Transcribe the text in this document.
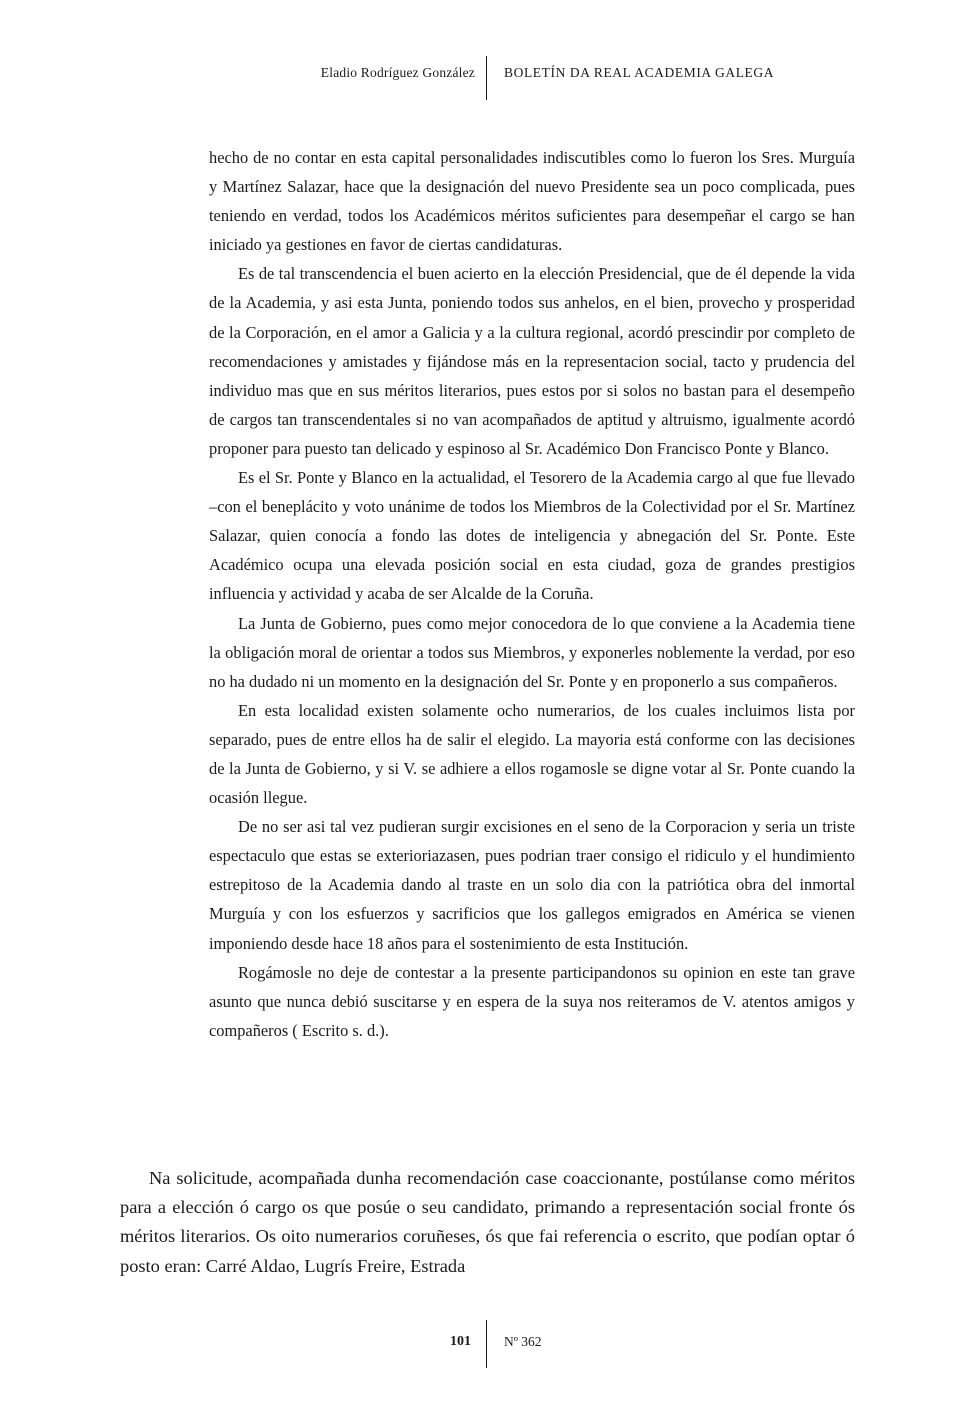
Eladio Rodríguez González BOLETÍN DA REAL ACADEMIA GALEGA

hecho de no contar en esta capital personalidades indiscutibles como lo fueron los Sres. Murguía y Martínez Salazar, hace que la designación del nuevo Presidente sea un poco complicada, pues teniendo en verdad, todos los Académicos méritos suficientes para desempeñar el cargo se han iniciado ya gestiones en favor de ciertas candidaturas.

Es de tal transcendencia el buen acierto en la elección Presidencial, que de él depende la vida de la Academia, y asi esta Junta, poniendo todos sus anhelos, en el bien, provecho y prosperidad de la Corporación, en el amor a Galicia y a la cultura regional, acordó prescindir por completo de recomendaciones y amistades y fijándose más en la representacion social, tacto y prudencia del individuo mas que en sus méritos literarios, pues estos por si solos no bastan para el desempeño de cargos tan transcendentales si no van acompañados de aptitud y altruismo, igualmente acordó proponer para puesto tan delicado y espinoso al Sr. Académico Don Francisco Ponte y Blanco.

Es el Sr. Ponte y Blanco en la actualidad, el Tesorero de la Academia cargo al que fue llevado –con el beneplácito y voto unánime de todos los Miembros de la Colectividad por el Sr. Martínez Salazar, quien conocía a fondo las dotes de inteligencia y abnegación del Sr. Ponte. Este Académico ocupa una elevada posición social en esta ciudad, goza de grandes prestigios influencia y actividad y acaba de ser Alcalde de la Coruña.

La Junta de Gobierno, pues como mejor conocedora de lo que conviene a la Academia tiene la obligación moral de orientar a todos sus Miembros, y exponerles noblemente la verdad, por eso no ha dudado ni un momento en la designación del Sr. Ponte y en proponerlo a sus compañeros.

En esta localidad existen solamente ocho numerarios, de los cuales incluimos lista por separado, pues de entre ellos ha de salir el elegido. La mayoria está conforme con las decisiones de la Junta de Gobierno, y si V. se adhiere a ellos rogamosle se digne votar al Sr. Ponte cuando la ocasión llegue.

De no ser asi tal vez pudieran surgir excisiones en el seno de la Corporacion y seria un triste espectaculo que estas se exterioriazasen, pues podrian traer consigo el ridiculo y el hundimiento estrepitoso de la Academia dando al traste en un solo dia con la patriótica obra del inmortal Murguía y con los esfuerzos y sacrificios que los gallegos emigrados en América se vienen imponiendo desde hace 18 años para el sostenimiento de esta Institución.

Rogámosle no deje de contestar a la presente participandonos su opinion en este tan grave asunto que nunca debió suscitarse y en espera de la suya nos reiteramos de V. atentos amigos y compañeros ( Escrito s. d.).

Na solicitude, acompañada dunha recomendación case coaccionante, postúlanse como méritos para a elección ó cargo os que posúe o seu candidato, primando a representación social fronte ós méritos literarios. Os oito numerarios coruñeses, ós que fai referencia o escrito, que podían optar ó posto eran: Carré Aldao, Lugrís Freire, Estrada

101 Nº 362
